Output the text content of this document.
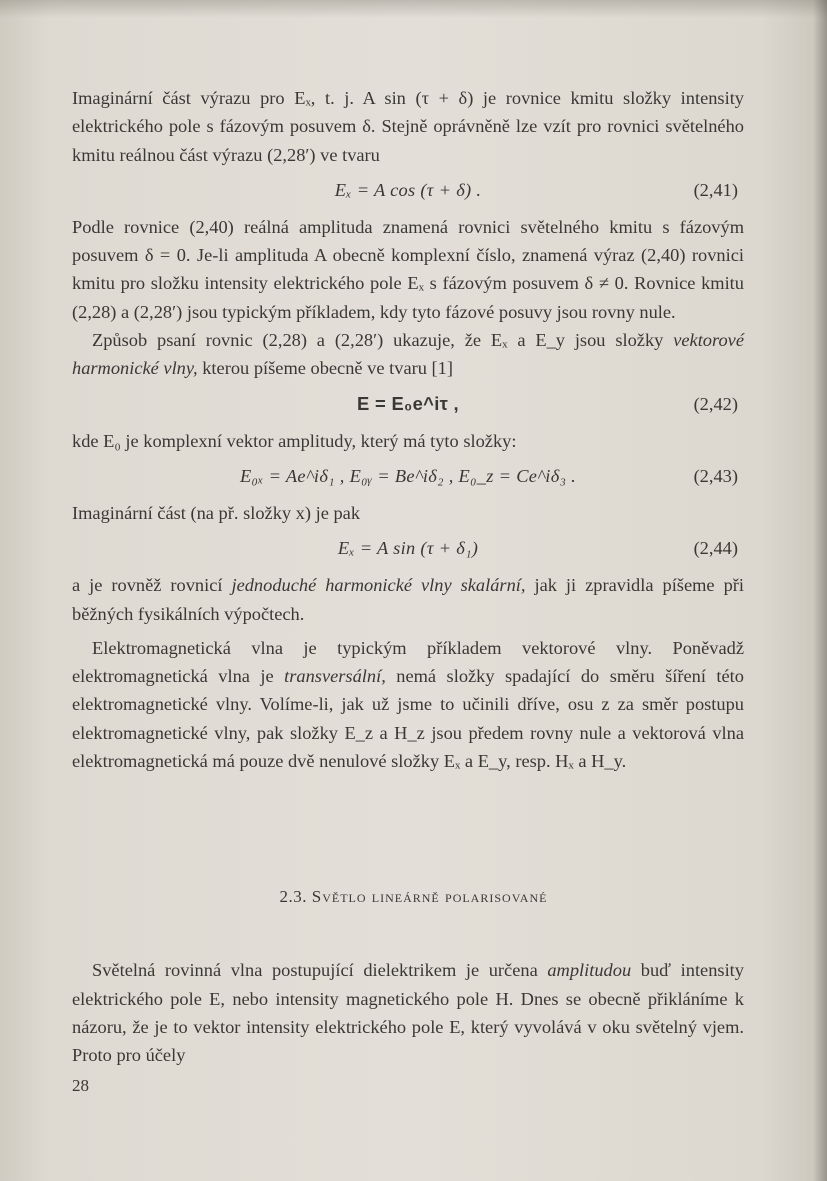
Imaginární část výrazu pro Eₓ, t. j. A sin (τ + δ) je rovnice kmitu složky intensity elektrického pole s fázovým posuvem δ. Stejně oprávněně lze vzít pro rovnici světelného kmitu reálnou část výrazu (2,28′) ve tvaru

Eₓ = A cos (τ + δ) .	(2,41)

Podle rovnice (2,40) reálná amplituda znamená rovnici světelného kmitu s fázovým posuvem δ = 0. Je-li amplituda A obecně komplexní číslo, znamená výraz (2,40) rovnici kmitu pro složku intensity elektrického pole Eₓ s fázovým posuvem δ ≠ 0. Rovnice kmitu (2,28) a (2,28′) jsou typickým příkladem, kdy tyto fázové posuvy jsou rovny nule.

Způsob psaní rovnic (2,28) a (2,28′) ukazuje, že Eₓ a E_y jsou složky vektorové harmonické vlny, kterou píšeme obecně ve tvaru [1]

E = E₀e^iτ ,	(2,42)

kde E₀ je komplexní vektor amplitudy, který má tyto složky:

E₀ₓ = Ae^iδ₁ , E₀ᵧ = Be^iδ₂ , E₀_z = Ce^iδ₃ .	(2,43)

Imaginární část (na př. složky x) je pak

Eₓ = A sin (τ + δ₁)	(2,44)

a je rovněž rovnicí jednoduché harmonické vlny skalární, jak ji zpravidla píšeme při běžných fysikálních výpočtech.

Elektromagnetická vlna je typickým příkladem vektorové vlny. Poněvadž elektromagnetická vlna je transversální, nemá složky spadající do směru šíření této elektromagnetické vlny. Volíme-li, jak už jsme to učinili dříve, osu z za směr postupu elektromagnetické vlny, pak složky E_z a H_z jsou předem rovny nule a vektorová vlna elektromagnetická má pouze dvě nenulové složky Eₓ a E_y, resp. Hₓ a H_y.

2.3. Světlo lineárně polarisované

Světelná rovinná vlna postupující dielektrikem je určena amplitudou buď intensity elektrického pole E, nebo intensity magnetického pole H. Dnes se obecně přikláníme k názoru, že je to vektor intensity elektrického pole E, který vyvolává v oku světelný vjem. Proto pro účely

28
